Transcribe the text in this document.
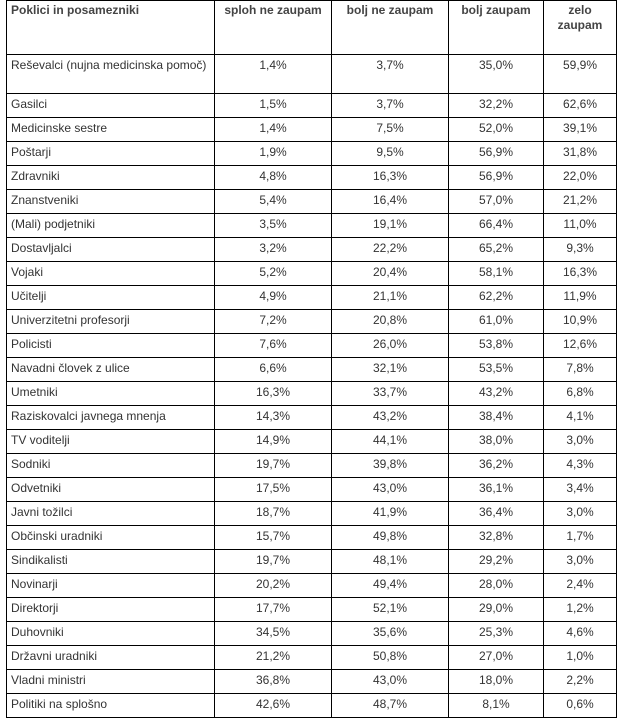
Poklici in posamezniki	sploh ne zaupam	bolj ne zaupam	bolj zaupam	zelo zaupam
Reševalci (nujna medicinska pomoč)	1,4%	3,7%	35,0%	59,9%
Gasilci	1,5%	3,7%	32,2%	62,6%
Medicinske sestre	1,4%	7,5%	52,0%	39,1%
Poštarji	1,9%	9,5%	56,9%	31,8%
Zdravniki	4,8%	16,3%	56,9%	22,0%
Znanstveniki	5,4%	16,4%	57,0%	21,2%
(Mali) podjetniki	3,5%	19,1%	66,4%	11,0%
Dostavljalci	3,2%	22,2%	65,2%	9,3%
Vojaki	5,2%	20,4%	58,1%	16,3%
Učitelji	4,9%	21,1%	62,2%	11,9%
Univerzitetni profesorji	7,2%	20,8%	61,0%	10,9%
Policisti	7,6%	26,0%	53,8%	12,6%
Navadni človek z ulice	6,6%	32,1%	53,5%	7,8%
Umetniki	16,3%	33,7%	43,2%	6,8%
Raziskovalci javnega mnenja	14,3%	43,2%	38,4%	4,1%
TV voditelji	14,9%	44,1%	38,0%	3,0%
Sodniki	19,7%	39,8%	36,2%	4,3%
Odvetniki	17,5%	43,0%	36,1%	3,4%
Javni tožilci	18,7%	41,9%	36,4%	3,0%
Občinski uradniki	15,7%	49,8%	32,8%	1,7%
Sindikalisti	19,7%	48,1%	29,2%	3,0%
Novinarji	20,2%	49,4%	28,0%	2,4%
Direktorji	17,7%	52,1%	29,0%	1,2%
Duhovniki	34,5%	35,6%	25,3%	4,6%
Državni uradniki	21,2%	50,8%	27,0%	1,0%
Vladni ministri	36,8%	43,0%	18,0%	2,2%
Politiki na splošno	42,6%	48,7%	8,1%	0,6%
